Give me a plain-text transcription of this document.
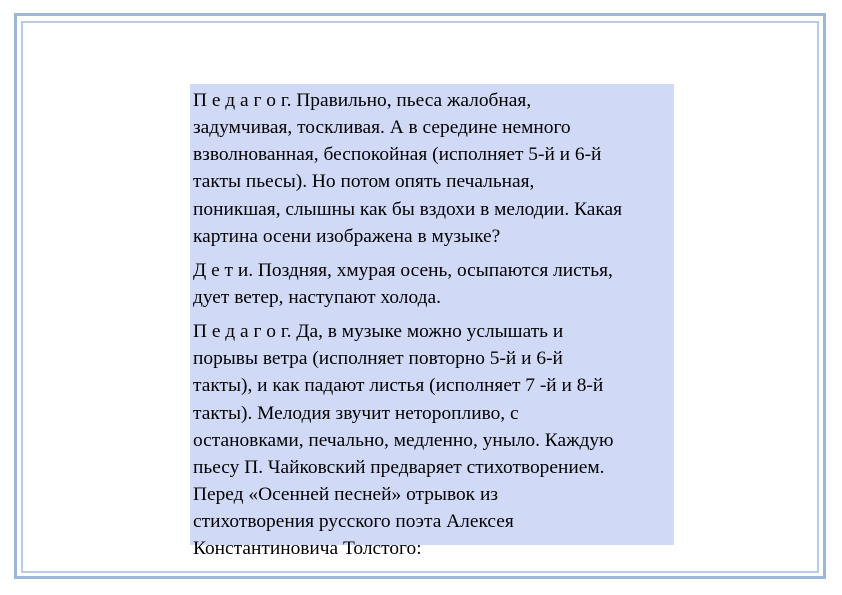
П е д а г о г. Правильно, пьеса жалобная,
задумчивая, тоскливая. А в середине немного
взволнованная, беспокойная (исполняет 5-й и 6-й
такты пьесы). Но потом опять печальная,
поникшая, слышны как бы вздохи в мелодии. Какая
картина осени изображена в музыке?

Д е т и. Поздняя, хмурая осень, осыпаются листья,
дует ветер, наступают холода.

П е д а г о г. Да, в музыке можно услышать и
порывы ветра (исполняет повторно 5-й и 6-й
такты), и как падают листья (исполняет 7 -й и 8-й
такты). Мелодия звучит неторопливо, с
остановками, печально, медленно, уныло. Каждую
пьесу П. Чайковский предваряет стихотворением.
Перед «Осенней песней» отрывок из
стихотворения русского поэта Алексея
Константиновича Толстого:
